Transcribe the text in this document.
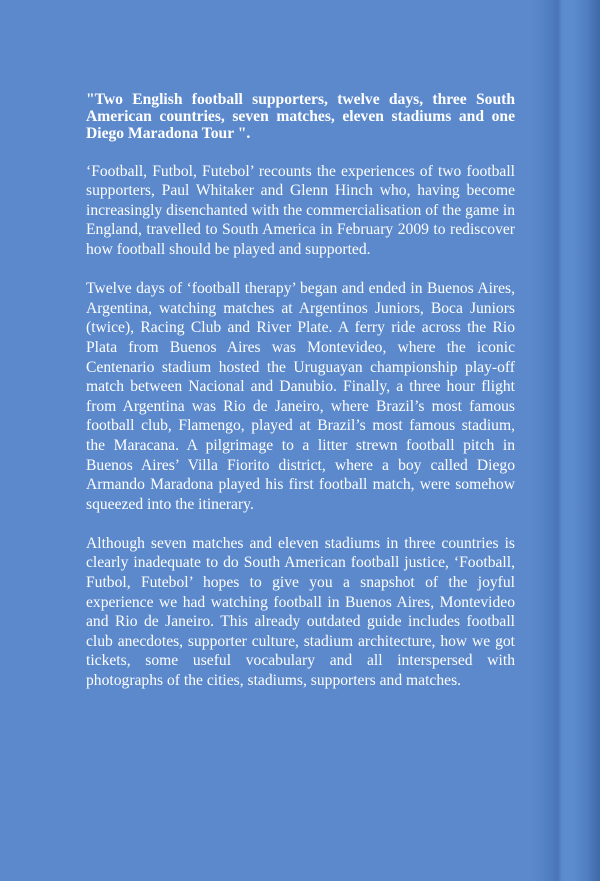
"Two English football supporters, twelve days, three South American countries, seven matches, eleven stadiums and one Diego Maradona Tour ".

‘Football, Futbol, Futebol’ recounts the experiences of two football supporters, Paul Whitaker and Glenn Hinch who, having become increasingly disenchanted with the commercialisation of the game in England, travelled to South America in February 2009 to rediscover how football should be played and supported.

Twelve days of ‘football therapy’ began and ended in Buenos Aires, Argentina, watching matches at Argentinos Juniors, Boca Juniors (twice), Racing Club and River Plate. A ferry ride across the Rio Plata from Buenos Aires was Montevideo, where the iconic Centenario stadium hosted the Uruguayan championship play-off match between Nacional and Danubio. Finally, a three hour flight from Argentina was Rio de Janeiro, where Brazil’s most famous football club, Flamengo, played at Brazil’s most famous stadium, the Maracana. A pilgrimage to a litter strewn football pitch in Buenos Aires’ Villa Fiorito district, where a boy called Diego Armando Maradona played his first football match, were somehow squeezed into the itinerary.

Although seven matches and eleven stadiums in three countries is clearly inadequate to do South American football justice, ‘Football, Futbol, Futebol’ hopes to give you a snapshot of the joyful experience we had watching football in Buenos Aires, Montevideo and Rio de Janeiro. This already outdated guide includes football club anecdotes, supporter culture, stadium architecture, how we got tickets, some useful vocabulary and all interspersed with photographs of the cities, stadiums, supporters and matches.
